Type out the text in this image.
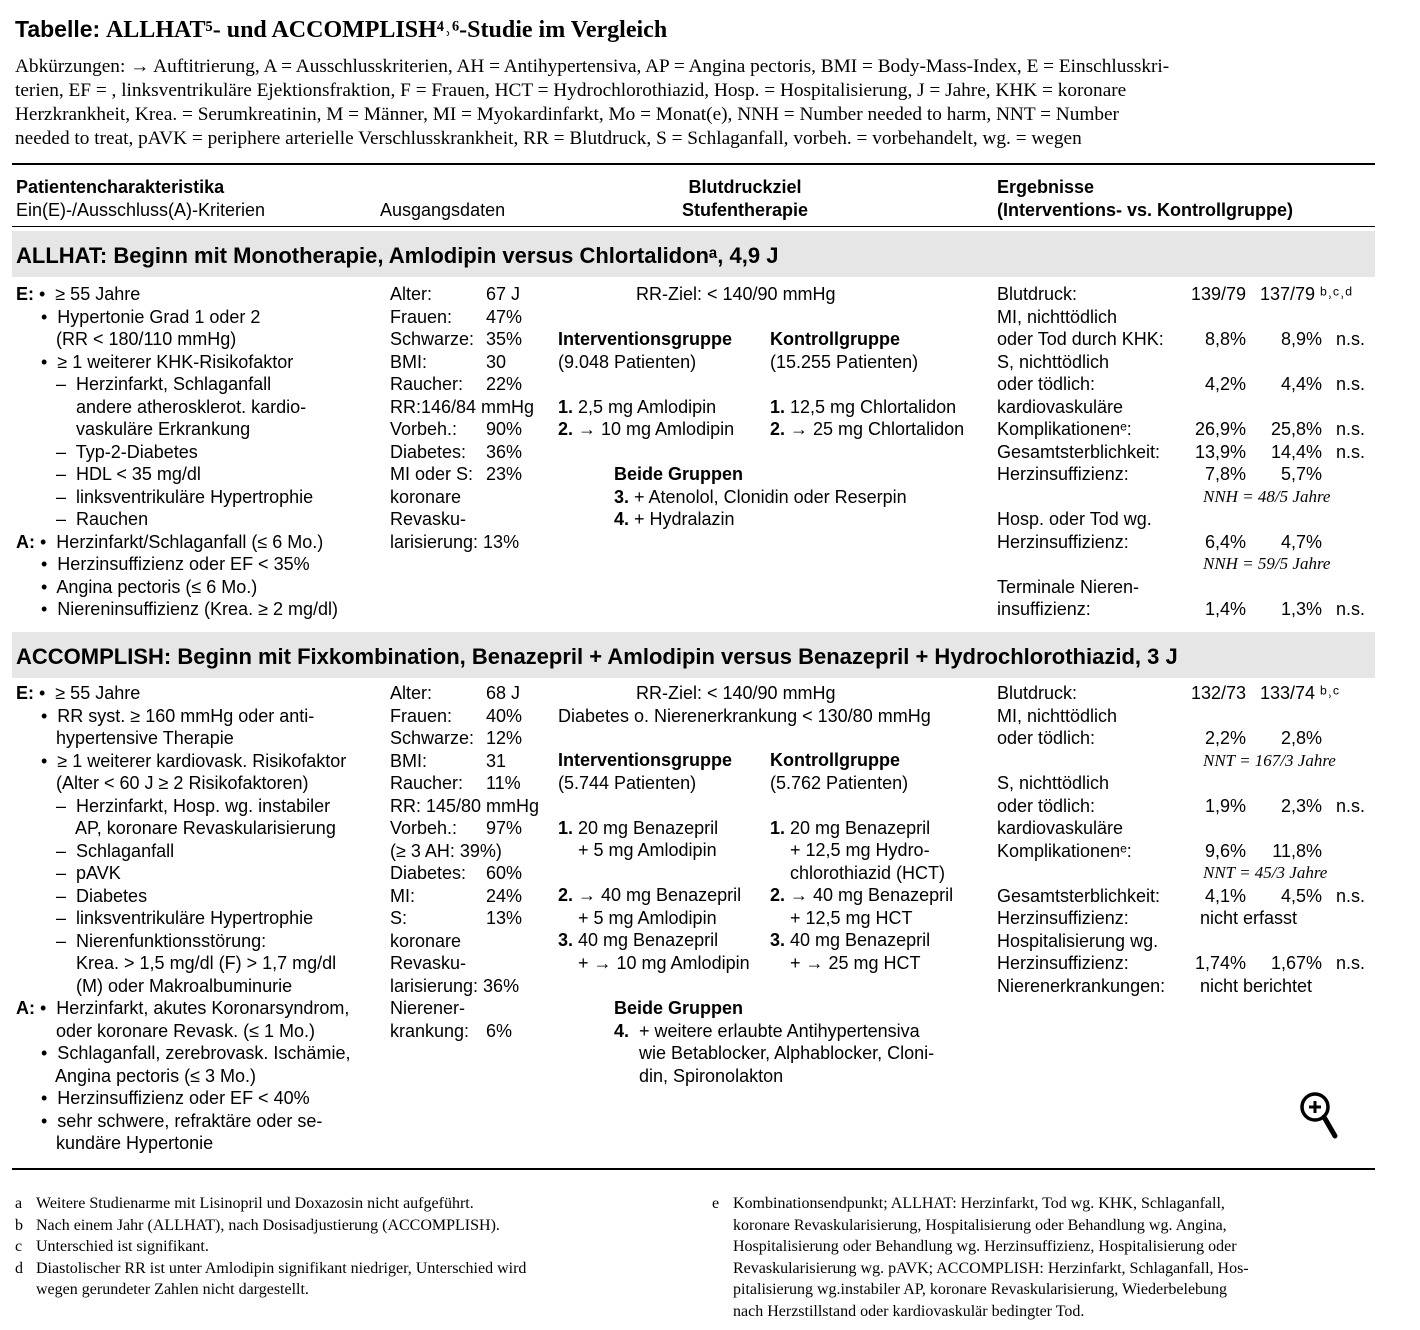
Tabelle: ALLHAT⁵- und ACCOMPLISH⁴˒⁶-Studie im Vergleich
Abkürzungen: → Auftitrierung, A = Ausschlusskriterien, AH = Antihypertensiva, AP = Angina pectoris, BMI = Body-Mass-Index, E = Einschlusskri-
terien, EF = , linksventrikuläre Ejektionsfraktion, F = Frauen, HCT = Hydrochlorothiazid, Hosp. = Hospitalisierung, J = Jahre, KHK = koronare
Herzkrankheit, Krea. = Serumkreatinin, M = Männer, MI = Myokardinfarkt, Mo = Monat(e), NNH = Number needed to harm, NNT = Number
needed to treat, pAVK = periphere arterielle Verschlusskrankheit, RR = Blutdruck, S = Schlaganfall, vorbeh. = vorbehandelt, wg. = wegen
Patientencharakteristika
Ein(E)-/Ausschluss(A)-Kriterien	Ausgangsdaten
Blutdruckziel
Stufentherapie
Ergebnisse
(Interventions- vs. Kontrollgruppe)
ALLHAT: Beginn mit Monotherapie, Amlodipin versus Chlortalidonᵃ, 4,9 J
E: •  ≥ 55 Jahre
•  Hypertonie Grad 1 oder 2
(RR < 180/110 mmHg)
•  ≥ 1 weiterer KHK-Risikofaktor
–  Herzinfarkt, Schlaganfall
andere atherosklerot. kardio-
vaskuläre Erkrankung
–  Typ-2-Diabetes
–  HDL < 35 mg/dl
–  linksventrikuläre Hypertrophie
–  Rauchen
A: •  Herzinfarkt/Schlaganfall (≤ 6 Mo.)
•  Herzinsuffizienz oder EF < 35%
•  Angina pectoris (≤ 6 Mo.)
•  Niereninsuffizienz (Krea. ≥ 2 mg/dl)
Alter:
Frauen:
Schwarze:
BMI:
Raucher:
RR:146/84 mmHg
Vorbeh.:
Diabetes:
MI oder S:
koronare
Revasku-
larisierung: 13%
67 J
47%
35%
30
22%
90%
36%
23%
RR-Ziel: < 140/90 mmHg
Interventionsgruppe
(9.048 Patienten)
1. 2,5 mg Amlodipin
2. → 10 mg Amlodipin
Kontrollgruppe
(15.255 Patienten)
1. 12,5 mg Chlortalidon
2. → 25 mg Chlortalidon
Beide Gruppen
3. + Atenolol, Clonidin oder Reserpin
4. + Hydralazin
Blutdruck:
MI, nichttödlich
oder Tod durch KHK:
S, nichttödlich
oder tödlich:
kardiovaskuläre
Komplikationenᵉ:
Gesamtsterblichkeit:
Herzinsuffizienz:
Hosp. oder Tod wg.
Herzinsuffizienz:
Terminale Nieren-
insuffizienz:
139/79
8,8%
4,2%
26,9%
13,9%
7,8%
NNH = 48/5 Jahre
6,4%
NNH = 59/5 Jahre
1,4%
137/79 ᵇ˒ᶜ˒ᵈ
8,9%
4,4%
25,8%
14,4%
5,7%
4,7%
1,3%
n.s.
n.s.
n.s.
n.s.
n.s.
ACCOMPLISH: Beginn mit Fixkombination, Benazepril + Amlodipin versus Benazepril + Hydrochlorothiazid, 3 J
E: •  ≥ 55 Jahre
•  RR syst. ≥ 160 mmHg oder anti-
hypertensive Therapie
•  ≥ 1 weiterer kardiovask. Risikofaktor
(Alter < 60 J ≥ 2 Risikofaktoren)
–  Herzinfarkt, Hosp. wg. instabiler
AP, koronare Revaskularisierung
–  Schlaganfall
–  pAVK
–  Diabetes
–  linksventrikuläre Hypertrophie
–  Nierenfunktionsstörung:
Krea. > 1,5 mg/dl (F) > 1,7 mg/dl
(M) oder Makroalbuminurie
A: •  Herzinfarkt, akutes Koronarsyndrom,
oder koronare Revask. (≤ 1 Mo.)
•  Schlaganfall, zerebrovask. Ischämie,
Angina pectoris (≤ 3 Mo.)
•  Herzinsuffizienz oder EF < 40%
•  sehr schwere, refraktäre oder se-
kundäre Hypertonie
Alter:
Frauen:
Schwarze:
BMI:
Raucher:
RR: 145/80 mmHg
Vorbeh.:
(≥ 3 AH: 39%)
Diabetes:
MI:
S:
koronare
Revasku-
larisierung: 36%
Nierener-
krankung:
68 J
40%
12%
31
11%
97%
60%
24%
13%
6%
RR-Ziel: < 140/90 mmHg
Diabetes o. Nierenerkrankung < 130/80 mmHg
Interventionsgruppe
(5.744 Patienten)
1. 20 mg Benazepril
+ 5 mg Amlodipin
2. → 40 mg Benazepril
+ 5 mg Amlodipin
3. 40 mg Benazepril
+ → 10 mg Amlodipin
Kontrollgruppe
(5.762 Patienten)
1. 20 mg Benazepril
+ 12,5 mg Hydro-
chlorothiazid (HCT)
2. → 40 mg Benazepril
+ 12,5 mg HCT
3. 40 mg Benazepril
+ → 25 mg HCT
Beide Gruppen
4.  + weitere erlaubte Antihypertensiva
wie Betablocker, Alphablocker, Cloni-
din, Spironolakton
Blutdruck:
MI, nichttödlich
oder tödlich:
S, nichttödlich
oder tödlich:
kardiovaskuläre
Komplikationenᵉ:
Gesamtsterblichkeit:
Herzinsuffizienz:
Hospitalisierung wg.
Herzinsuffizienz:
Nierenerkrankungen:
132/73
2,2%
NNT = 167/3 Jahre
1,9%
9,6%
NNT = 45/3 Jahre
4,1%
nicht erfasst
1,74%
nicht berichtet
133/74 ᵇ˒ᶜ
2,8%
2,3%
11,8%
4,5%
1,67%
n.s.
n.s.
n.s.
a Weitere Studienarme mit Lisinopril und Doxazosin nicht aufgeführt.
b Nach einem Jahr (ALLHAT), nach Dosisadjustierung (ACCOMPLISH).
c Unterschied ist signifikant.
d Diastolischer RR ist unter Amlodipin signifikant niedriger, Unterschied wird
wegen gerundeter Zahlen nicht dargestellt.
e Kombinationsendpunkt; ALLHAT: Herzinfarkt, Tod wg. KHK, Schlaganfall,
koronare Revaskularisierung, Hospitalisierung oder Behandlung wg. Angina,
Hospitalisierung oder Behandlung wg. Herzinsuffizienz, Hospitalisierung oder
Revaskularisierung wg. pAVK; ACCOMPLISH: Herzinfarkt, Schlaganfall, Hos-
pitalisierung wg.instabiler AP, koronare Revaskularisierung, Wiederbelebung
nach Herzstillstand oder kardiovaskulär bedingter Tod.
